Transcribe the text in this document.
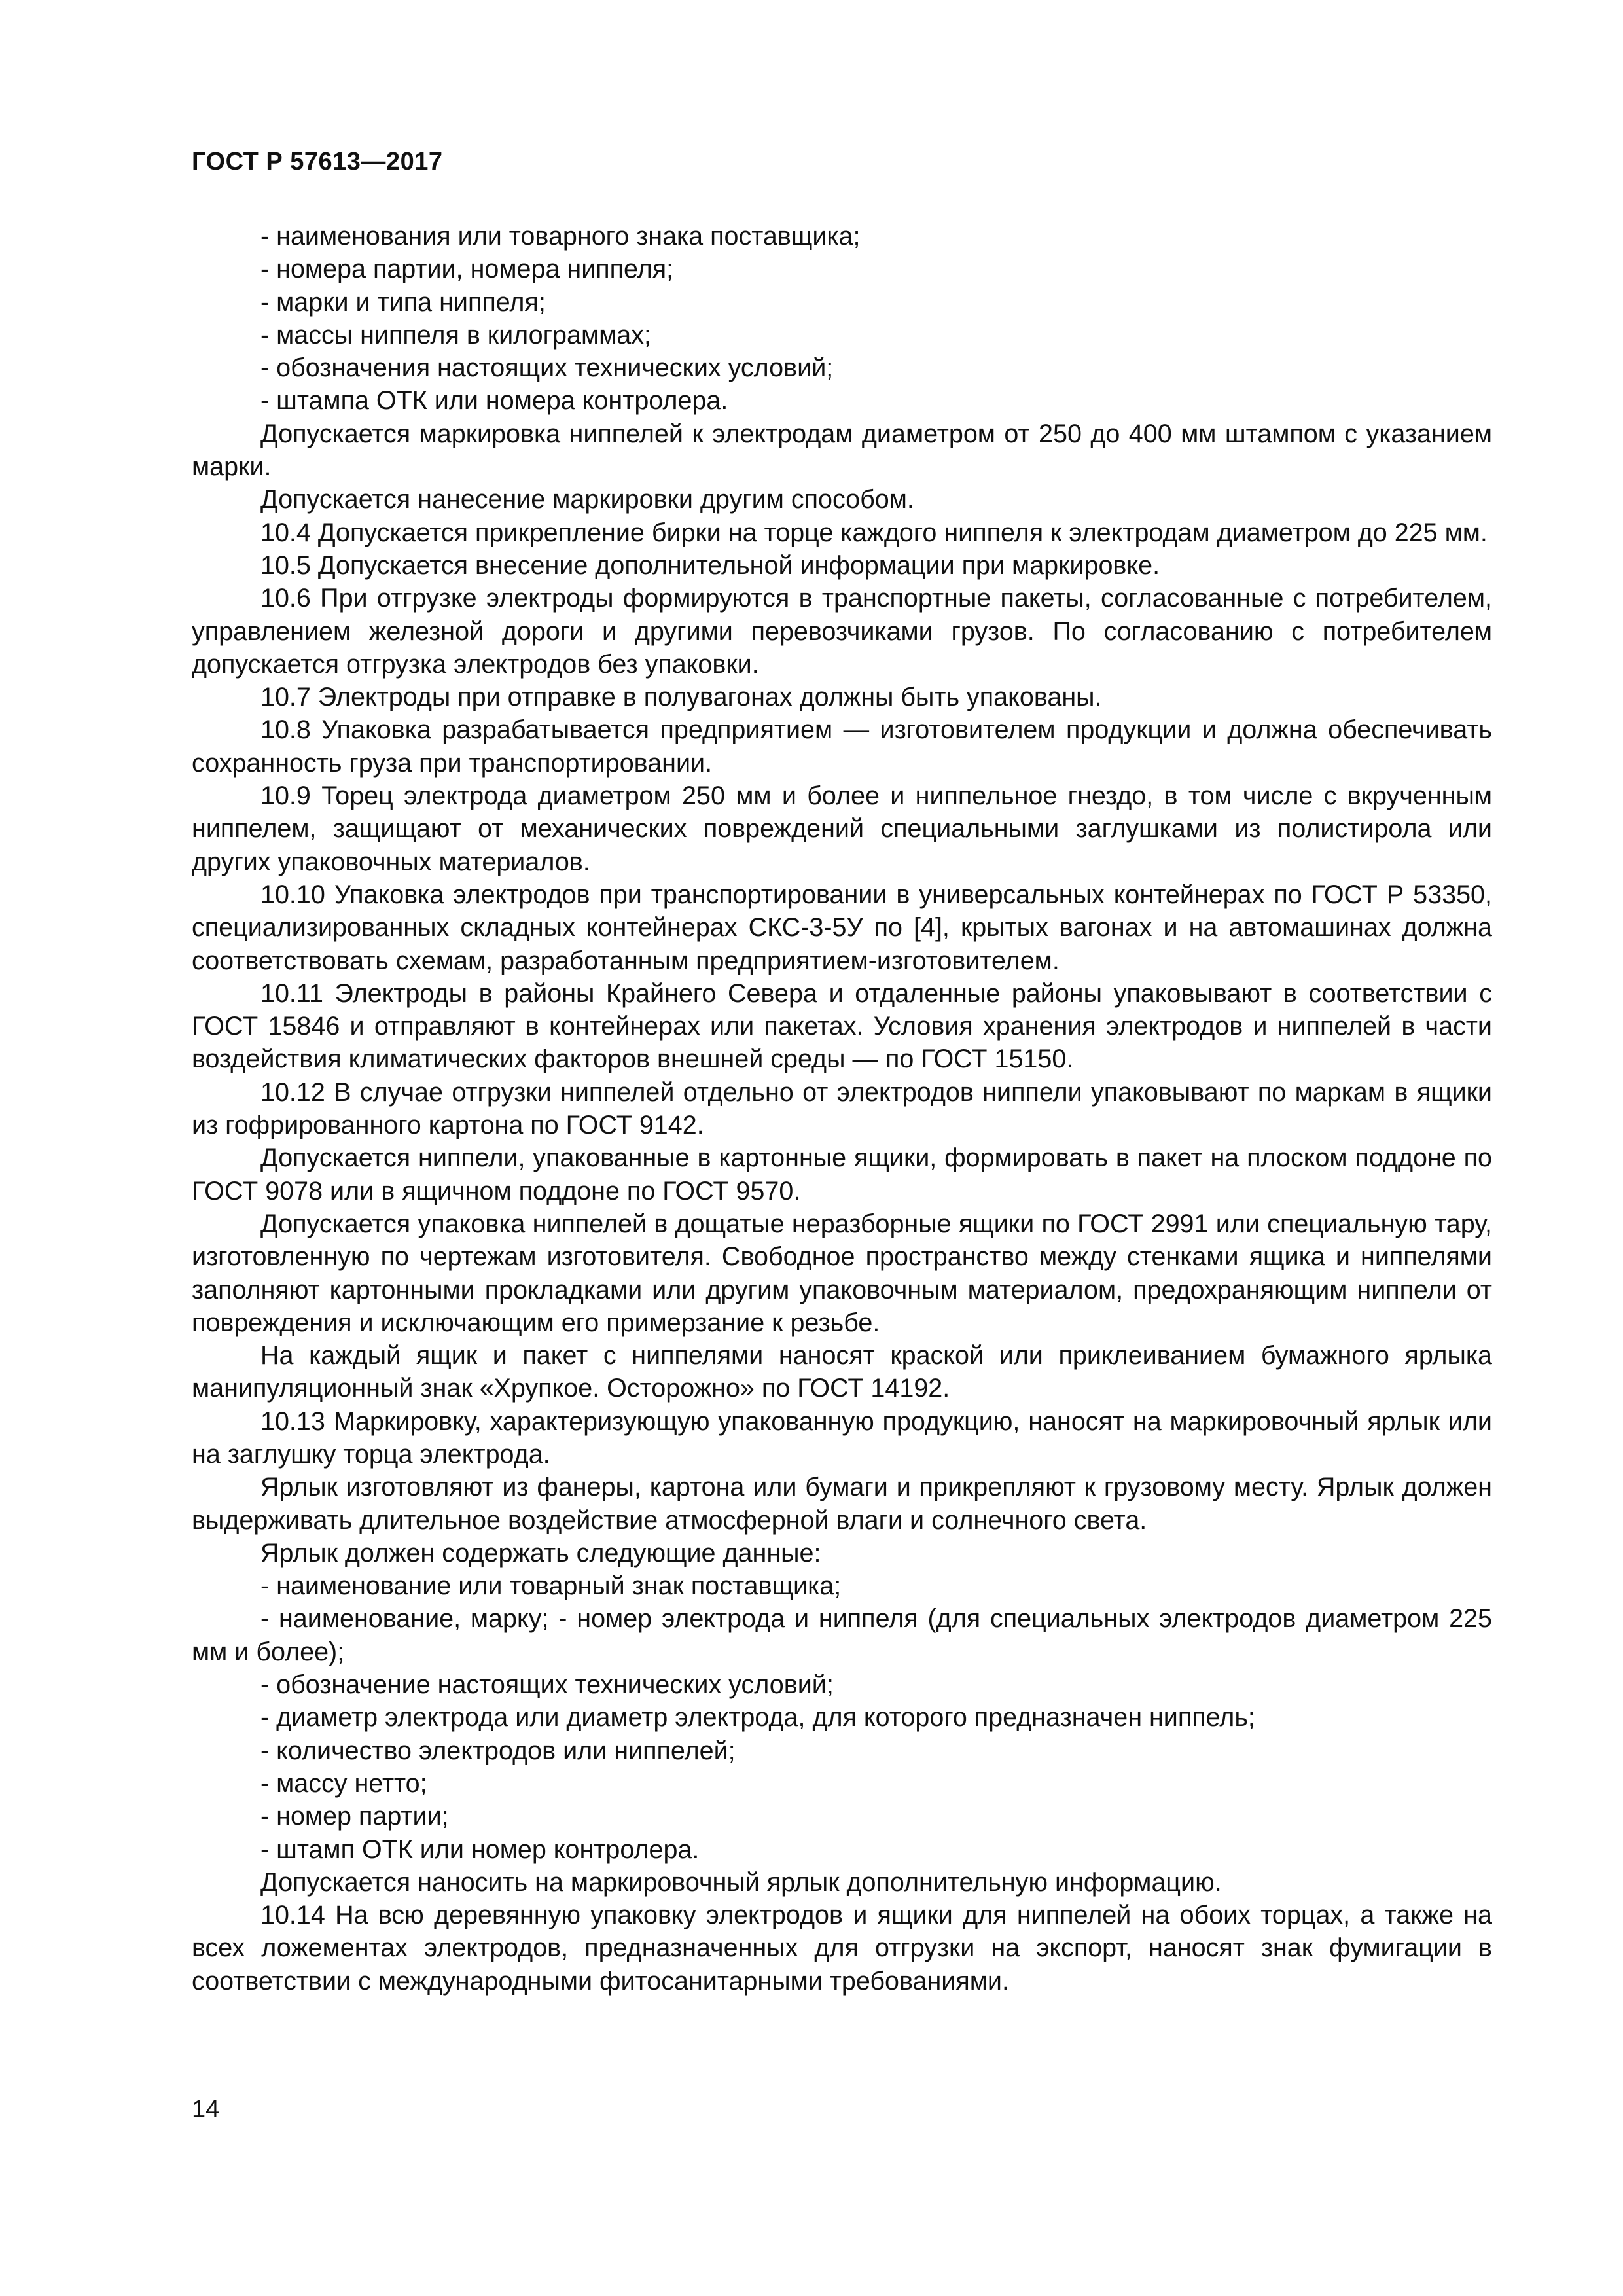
ГОСТ Р 57613—2017

- наименования или товарного знака поставщика;

- номера партии, номера ниппеля;

- марки и типа ниппеля;

- массы ниппеля в килограммах;

- обозначения настоящих технических условий;

- штампа ОТК или номера контролера.

Допускается маркировка ниппелей к электродам диаметром от 250 до 400 мм штампом с указанием марки.

Допускается нанесение маркировки другим способом.

10.4 Допускается прикрепление бирки на торце каждого ниппеля к электродам диаметром до 225 мм.

10.5 Допускается внесение дополнительной информации при маркировке.

10.6 При отгрузке электроды формируются в транспортные пакеты, согласованные с потребителем, управлением железной дороги и другими перевозчиками грузов. По согласованию с потребителем допускается отгрузка электродов без упаковки.

10.7 Электроды при отправке в полувагонах должны быть упакованы.

10.8 Упаковка разрабатывается предприятием — изготовителем продукции и должна обеспечивать сохранность груза при транспортировании.

10.9 Торец электрода диаметром 250 мм и более и ниппельное гнездо, в том числе с вкрученным ниппелем, защищают от механических повреждений специальными заглушками из полистирола или других упаковочных материалов.

10.10 Упаковка электродов при транспортировании в универсальных контейнерах по ГОСТ Р 53350, специализированных складных контейнерах СКС-3-5У по [4], крытых вагонах и на автомашинах должна соответствовать схемам, разработанным предприятием-изготовителем.

10.11 Электроды в районы Крайнего Севера и отдаленные районы упаковывают в соответствии с ГОСТ 15846 и отправляют в контейнерах или пакетах. Условия хранения электродов и ниппелей в части воздействия климатических факторов внешней среды — по ГОСТ 15150.

10.12 В случае отгрузки ниппелей отдельно от электродов ниппели упаковывают по маркам в ящики из гофрированного картона по ГОСТ 9142.

Допускается ниппели, упакованные в картонные ящики, формировать в пакет на плоском поддоне по ГОСТ 9078 или в ящичном поддоне по ГОСТ 9570.

Допускается упаковка ниппелей в дощатые неразборные ящики по ГОСТ 2991 или специальную тару, изготовленную по чертежам изготовителя. Свободное пространство между стенками ящика и ниппелями заполняют картонными прокладками или другим упаковочным материалом, предохраняющим ниппели от повреждения и исключающим его примерзание к резьбе.

На каждый ящик и пакет с ниппелями наносят краской или приклеиванием бумажного ярлыка манипуляционный знак «Хрупкое. Осторожно» по ГОСТ 14192.

10.13 Маркировку, характеризующую упакованную продукцию, наносят на маркировочный ярлык или на заглушку торца электрода.

Ярлык изготовляют из фанеры, картона или бумаги и прикрепляют к грузовому месту. Ярлык должен выдерживать длительное воздействие атмосферной влаги и солнечного света.

Ярлык должен содержать следующие данные:

- наименование или товарный знак поставщика;

- наименование, марку; - номер электрода и ниппеля (для специальных электродов диаметром 225 мм и более);

- обозначение настоящих технических условий;

- диаметр электрода или диаметр электрода, для которого предназначен ниппель;

- количество электродов или ниппелей;

- массу нетто;

- номер партии;

- штамп ОТК или номер контролера.

Допускается наносить на маркировочный ярлык дополнительную информацию.

10.14 На всю деревянную упаковку электродов и ящики для ниппелей на обоих торцах, а также на всех ложементах электродов, предназначенных для отгрузки на экспорт, наносят знак фумигации в соответствии с международными фитосанитарными требованиями.

14
